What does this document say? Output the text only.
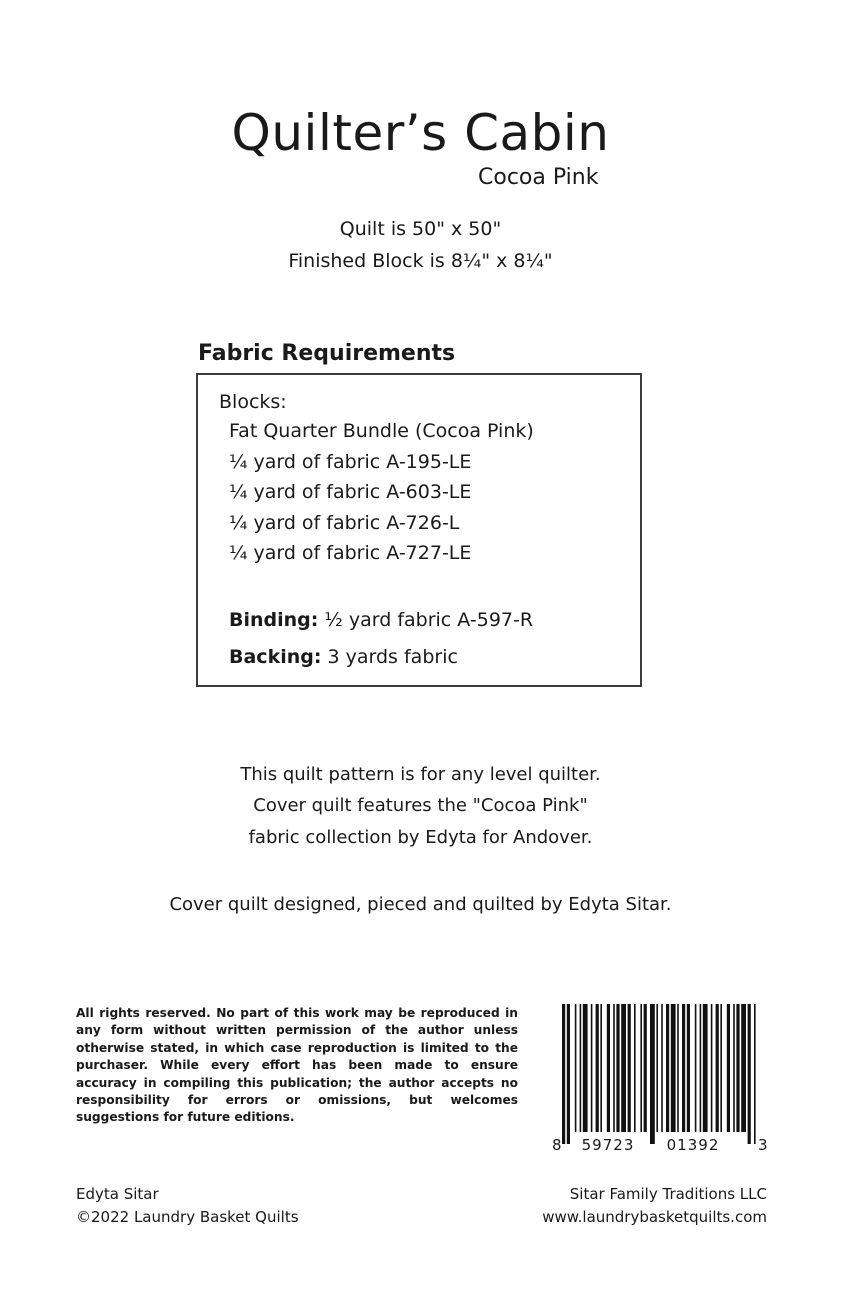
Quilter’s Cabin
Cocoa Pink
Quilt is 50" x 50"
Finished Block is 8¼" x 8¼"
Fabric Requirements
Blocks:
Fat Quarter Bundle (Cocoa Pink)
¼ yard of fabric A-195-LE
¼ yard of fabric A-603-LE
¼ yard of fabric A-726-L
¼ yard of fabric A-727-LE
Binding: ½ yard fabric A-597-R
Backing: 3 yards fabric
This quilt pattern is for any level quilter.
Cover quilt features the "Cocoa Pink"
fabric collection by Edyta for Andover.
Cover quilt designed, pieced and quilted by Edyta Sitar.
All rights reserved. No part of this work may be reproduced in any form without written permission of the author unless otherwise stated, in which case reproduction is limited to the purchaser. While every effort has been made to ensure accuracy in compiling this publication; the author accepts no responsibility for errors or omissions, but welcomes suggestions for future editions.
8 59723 01392	3
Edyta Sitar
©2022 Laundry Basket Quilts
Sitar Family Traditions LLC
www.laundrybasketquilts.com
